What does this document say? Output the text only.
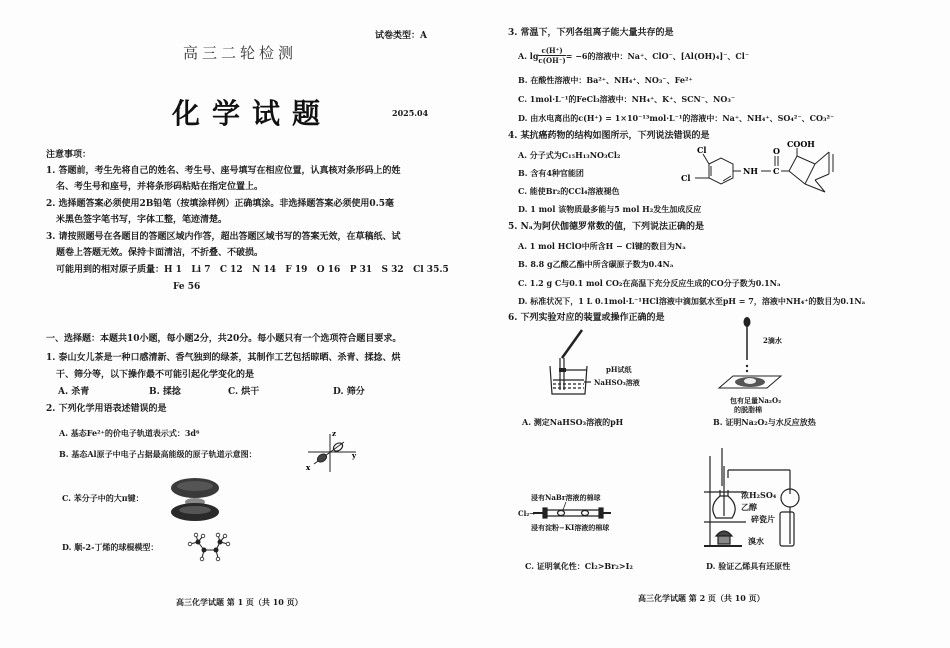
试卷类型：A
高三二轮检测
化学试题	2025.04
注意事项：
1. 答题前，考生先将自己的姓名、考生号、座号填写在相应位置，认真核对条形码上的姓
名、考生号和座号，并将条形码粘贴在指定位置上。
2. 选择题答案必须使用2B铅笔（按填涂样例）正确填涂。非选择题答案必须使用0.5毫
米黑色签字笔书写，字体工整，笔迹清楚。
3. 请按照题号在各题目的答题区域内作答，超出答题区域书写的答案无效，在草稿纸、试
题卷上答题无效。保持卡面清洁，不折叠、不破损。
可能用到的相对原子质量：H 1   Li 7   C 12   N 14   F 19   O 16   P 31   S 32   Cl 35.5
Fe 56
一、选择题：本题共10小题，每小题2分，共20分。每小题只有一个选项符合题目要求。
1. 泰山女儿茶是一种口感清新、香气独到的绿茶，其制作工艺包括晾晒、杀青、揉捻、烘
干、筛分等，以下操作最不可能引起化学变化的是
A. 杀青	B. 揉捻	C. 烘干	D. 筛分
2. 下列化学用语表述错误的是
A. 基态Fe²⁺的价电子轨道表示式：3d⁶
B. 基态Al原子中电子占据最高能级的原子轨道示意图：	y
x
z
C. 苯分子中的大π键：
D. 顺-2-丁烯的球棍模型：
高三化学试题 第 1 页（共 10 页）
3. 常温下，下列各组离子能大量共存的是
A. $\lg \frac{c(H^+)}{c(OH^-)} = -6$的溶液中：Na⁺、ClO⁻、[Al(OH)₄]⁻、Cl⁻
B. 在酸性溶液中：Ba²⁺、NH₄⁺、NO₃⁻、Fe²⁺
C. 1mol·L⁻¹的FeCl₃溶液中：NH₄⁺、K⁺、SCN⁻、NO₃⁻
D. 由水电离出的c(H⁺) = 1×10⁻¹³mol·L⁻¹的溶液中：Na⁺、NH₄⁺、SO₄²⁻、CO₃²⁻
4. 某抗癌药物的结构如图所示，下列说法错误的是
A. 分子式为C₁₅H₁₃NO₃Cl₂
B. 含有4种官能团
C. 能使Br₂的CCl₄溶液褪色
D. 1 mol 该物质最多能与5 mol H₂发生加成反应
Cl
Cl
NH C
O
COOH
5. Nₐ为阿伏伽德罗常数的值，下列说法正确的是
A. 1 mol HClO中所含H − Cl键的数目为Nₐ
B. 8.8 g乙酸乙酯中所含碳原子数为0.4Nₐ
C. 1.2 g C与0.1 mol CO₂在高温下充分反应生成的CO分子数为0.1Nₐ
D. 标准状况下，1 L 0.1mol·L⁻¹HCl溶液中滴加氨水至pH = 7，溶液中NH₄⁺的数目为0.1Nₐ
6. 下列实验对应的装置或操作正确的是
pH试纸
NaHSO₃溶液
A. 测定NaHSO₃溶液的pH
2滴水
包有足量Na₂O₂
的脱脂棉
B. 证明Na₂O₂与水反应放热
浸有NaBr溶液的棉球
Cl₂→
浸有淀粉−KI溶液的棉球
C. 证明氧化性：Cl₂>Br₂>I₂
浓H₂SO₄
乙醇
碎瓷片
溴水
D. 验证乙烯具有还原性
高三化学试题 第 2 页（共 10 页）
